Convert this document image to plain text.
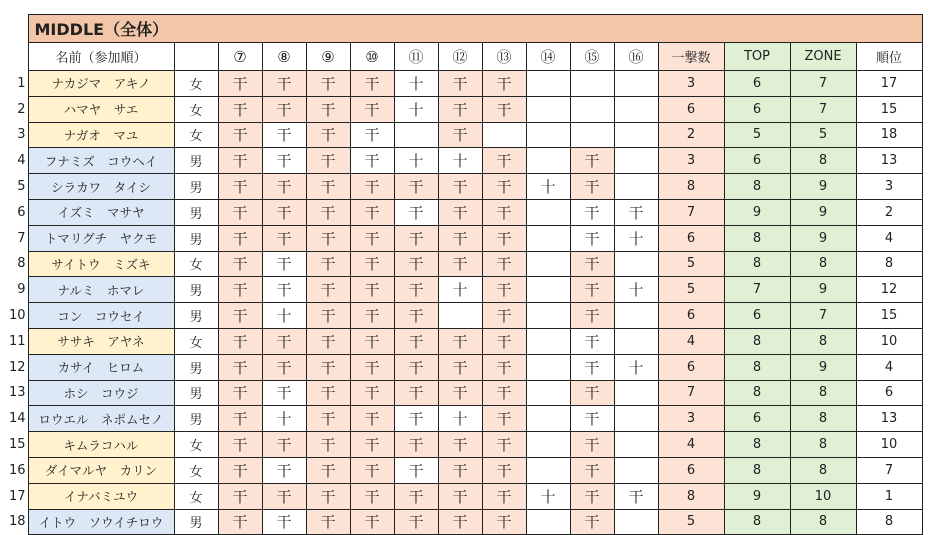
	MIDDLE（全体）															
	名前（参加順）		⑦	⑧	⑨	⑩	⑪	⑫	⑬	⑭	⑮	⑯	一撃数	TOP	ZONE	順位
1	ナカジマ　アキノ	女	干	干	干	干	十	干	干				3	6	7	17
2	ハマヤ　サエ	女	干	干	干	干	十	干	干				6	6	7	15
3	ナガオ　マユ	女	干	干	干	干		干					2	5	5	18
4	フナミズ　コウヘイ	男	干	干	干	干	十	十	干		干		3	6	8	13
5	シラカワ　タイシ	男	干	干	干	干	干	干	干	十	干		8	8	9	3
6	イズミ　マサヤ	男	干	干	干	干	干	干	干		干	干	7	9	9	2
7	トマリグチ　ヤクモ	男	干	干	干	干	干	干	干		干	十	6	8	9	4
8	サイトウ　ミズキ	女	干	干	干	干	干	干	干		干		5	8	8	8
9	ナルミ　ホマレ	男	干	干	干	干	干	十	干		干	十	5	7	9	12
10	コン　コウセイ	男	干	十	干	干	干		干		干		6	6	7	15
11	ササキ　アヤネ	女	干	干	干	干	干	干	干		干		4	8	8	10
12	カサイ　ヒロム	男	干	干	干	干	干	干	干		干	十	6	8	9	4
13	ホシ　コウジ	男	干	干	干	干	干	干	干		干		7	8	8	6
14	ロウエル　ネポムセノ	男	干	十	干	干	干	十	干		干		3	6	8	13
15	キムラコハル	女	干	干	干	干	干	干	干		干		4	8	8	10
16	ダイマルヤ　カリン	女	干	干	干	干	干	干	干		干		6	8	8	7
17	イナバミユウ	女	干	干	干	干	干	干	干	十	干	干	8	9	10	1
18	イトウ　ソウイチロウ	男	干	干	干	干	干	干	干		干		5	8	8	8
